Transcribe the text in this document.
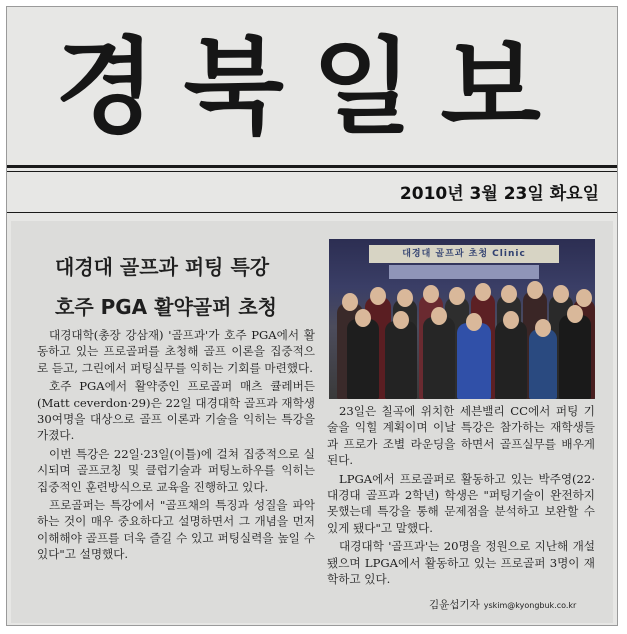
경북일보
2010년 3월 23일 화요일
대경대 골프과 퍼팅 특강
호주 PGA 활약골퍼 초청
대경대 골프과 초청 Clinic

대경대학(총장 강삼재) '골프과'가 호주 PGA에서 활동하고 있는 프로골퍼를 초청해 골프 이론을 집중적으로 듣고, 그린에서 퍼팅실무를 익히는 기회를 마련했다.

호주 PGA에서 활약중인 프로골퍼 매츠 큘레버든(Matt ceverdon·29)은 22일 대경대학 골프과 재학생 30여명을 대상으로 골프 이론과 기술을 익히는 특강을 가졌다.

이번 특강은 22일·23일(이틀)에 걸쳐 집중적으로 실시되며 골프코칭 및 클럽기술과 퍼팅노하우를 익히는 집중적인 훈련방식으로 교육을 진행하고 있다.

프로골퍼는 특강에서 "골프채의 특징과 성질을 파악 하는 것이 매우 중요하다고 설명하면서 그 개념을 먼저 이해해야 골프를 더욱 즐길 수 있고 퍼팅실력을 높일 수 있다"고 설명했다.

23일은 칠곡에 위치한 세븐밸리 CC에서 퍼팅 기술을 익힐 계획이며 이날 특강은 참가하는 재학생들과 프로가 조별 라운딩을 하면서 골프실무를 배우게 된다.

LPGA에서 프로골퍼로 활동하고 있는 박주영(22·대경대 골프과 2학년) 학생은 "퍼팅기술이 완전하지 못했는데 특강을 통해 문제점을 분석하고 보완할 수 있게 됐다"고 말했다.

대경대학 '골프과'는 20명을 정원으로 지난해 개설됐으며 LPGA에서 활동하고 있는 프로골퍼 3명이 재학하고 있다.

김윤섭기자 yskim@kyongbuk.co.kr
